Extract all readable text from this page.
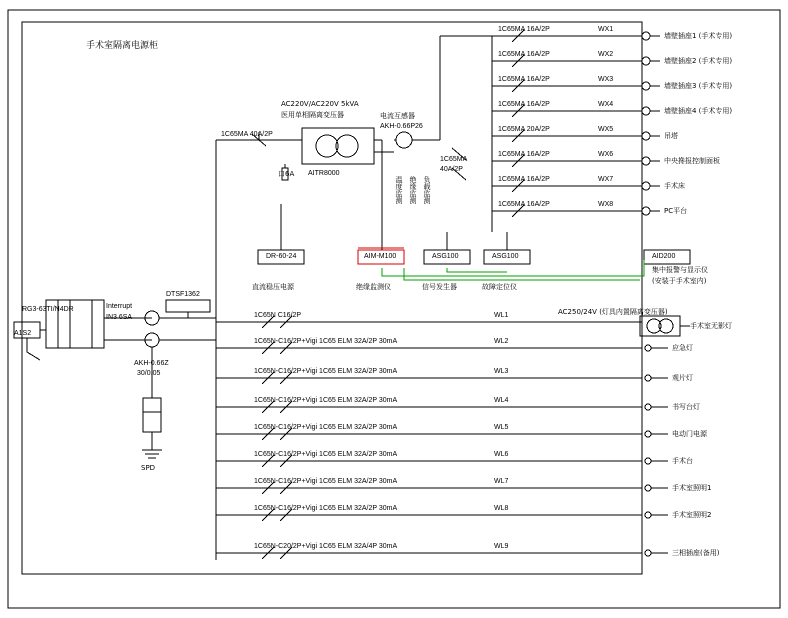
手术室隔离电源柜
RG3-63TI/N4DR
A1S2
Interrupt
IN3 6SA
AKH-0.66Z
30/0.05
SPD
DTSF1362
AC220V/AC220V 5kVA
医用单相隔离变压器
AITR8000
口6A
1C65MA 40A/2P
电流互感器
AKH-0.66P26
1C65MA
40A/2P
温度监测 绝缘监测 负载监测
DR-60-24	AIM-M100	ASG100	ASG100	AID200
直流稳压电源	绝缘监测仪	信号发生器	故障定位仪
集中报警与显示仪
(安装于手术室内)
1C65MA 16A/2P	WX1
墙壁插座1 (手术专用)
1C65MA 16A/2P	WX2
墙壁插座2 (手术专用)
1C65MA 16A/2P	WX3
墙壁插座3 (手术专用)
1C65MA 16A/2P	WX4
墙壁插座4 (手术专用)
1C65MA 20A/2P	WX5
吊塔
1C65MA 16A/2P	WX6
中央搀报控制面板
1C65MA 16A/2P	WX7
手术床
1C65MA 16A/2P	WX8
PC平台
AC250/24V (灯具内置隔离变压器)
手术室无影灯
1C65N C16/2P	WL1
1C65N-C16/2P+Vigi 1C65 ELM 32A/2P 30mA	WL2
应急灯
1C65N-C16/2P+Vigi 1C65 ELM 32A/2P 30mA	WL3
观片灯
1C65N-C16/2P+Vigi 1C65 ELM 32A/2P 30mA	WL4
书写台灯
1C65N-C16/2P+Vigi 1C65 ELM 32A/2P 30mA	WL5
电动门电源
1C65N-C16/2P+Vigi 1C65 ELM 32A/2P 30mA	WL6
手术台
1C65N-C16/2P+Vigi 1C65 ELM 32A/2P 30mA	WL7
手术室照明1
1C65N-C16/2P+Vigi 1C65 ELM 32A/2P 30mA	WL8
手术室照明2
1C65N-C20/2P+Vigi 1C65 ELM 32A/4P 30mA	WL9
三相插座(备用)
